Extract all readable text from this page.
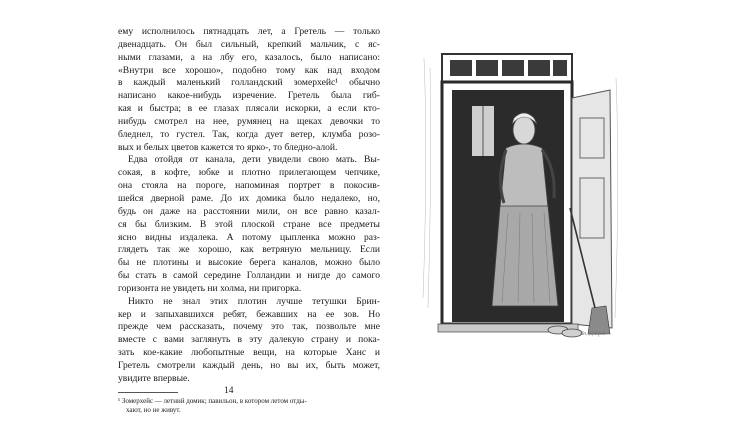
ему исполнилось пятнадцать лет, а Гретель — только
двенадцать. Он был сильный, крепкий мальчик, с яс-
ными глазами, а на лбу его, казалось, было написано:
«Внутри все хорошо», подобно тому как над входом
в каждый маленький голландский зомерхейс¹ обычно
написано какое-нибудь изречение. Гретель была гиб-
кая и быстра; в ее глазах плясали искорки, а если кто-
нибудь смотрел на нее, румянец на щеках девочки то
бледнел, то густел. Так, когда дует ветер, клумба розо-
вых и белых цветов кажется то ярко-, то бледно-алой.
Едва отойдя от канала, дети увидели свою мать. Вы-
сокая, в кофте, юбке и плотно прилегающем чепчике,
она стояла на пороге, напоминая портрет в покосив-
шейся дверной раме. До их домика было недалеко, но,
будь он даже на расстоянии мили, он все равно казал-
ся бы близким. В этой плоской стране все предметы
ясно видны издалека. А потому цыпленка можно раз-
глядеть так же хорошо, как ветряную мельницу. Если
бы не плотины и высокие берега каналов, можно было
бы стать в самой середине Голландии и нигде до самого
горизонта не увидеть ни холма, ни пригорка.
Никто не знал этих плотин лучше тетушки Брин-
кер и запыхавшихся ребят, бежавших на ее зов. Но
прежде чем рассказать, почему это так, позвольте мне
вместе с вами заглянуть в эту далекую страну и пока-
зать кое-какие любопытные вещи, на которые Ханс и
Гретель смотрели каждый день, но вы их, быть может,
увидите впервые.
¹ Зомерхейс — летний домик; павильон, в котором летом отды-
хают, но не живут.
14
Вл. Д.Брю
